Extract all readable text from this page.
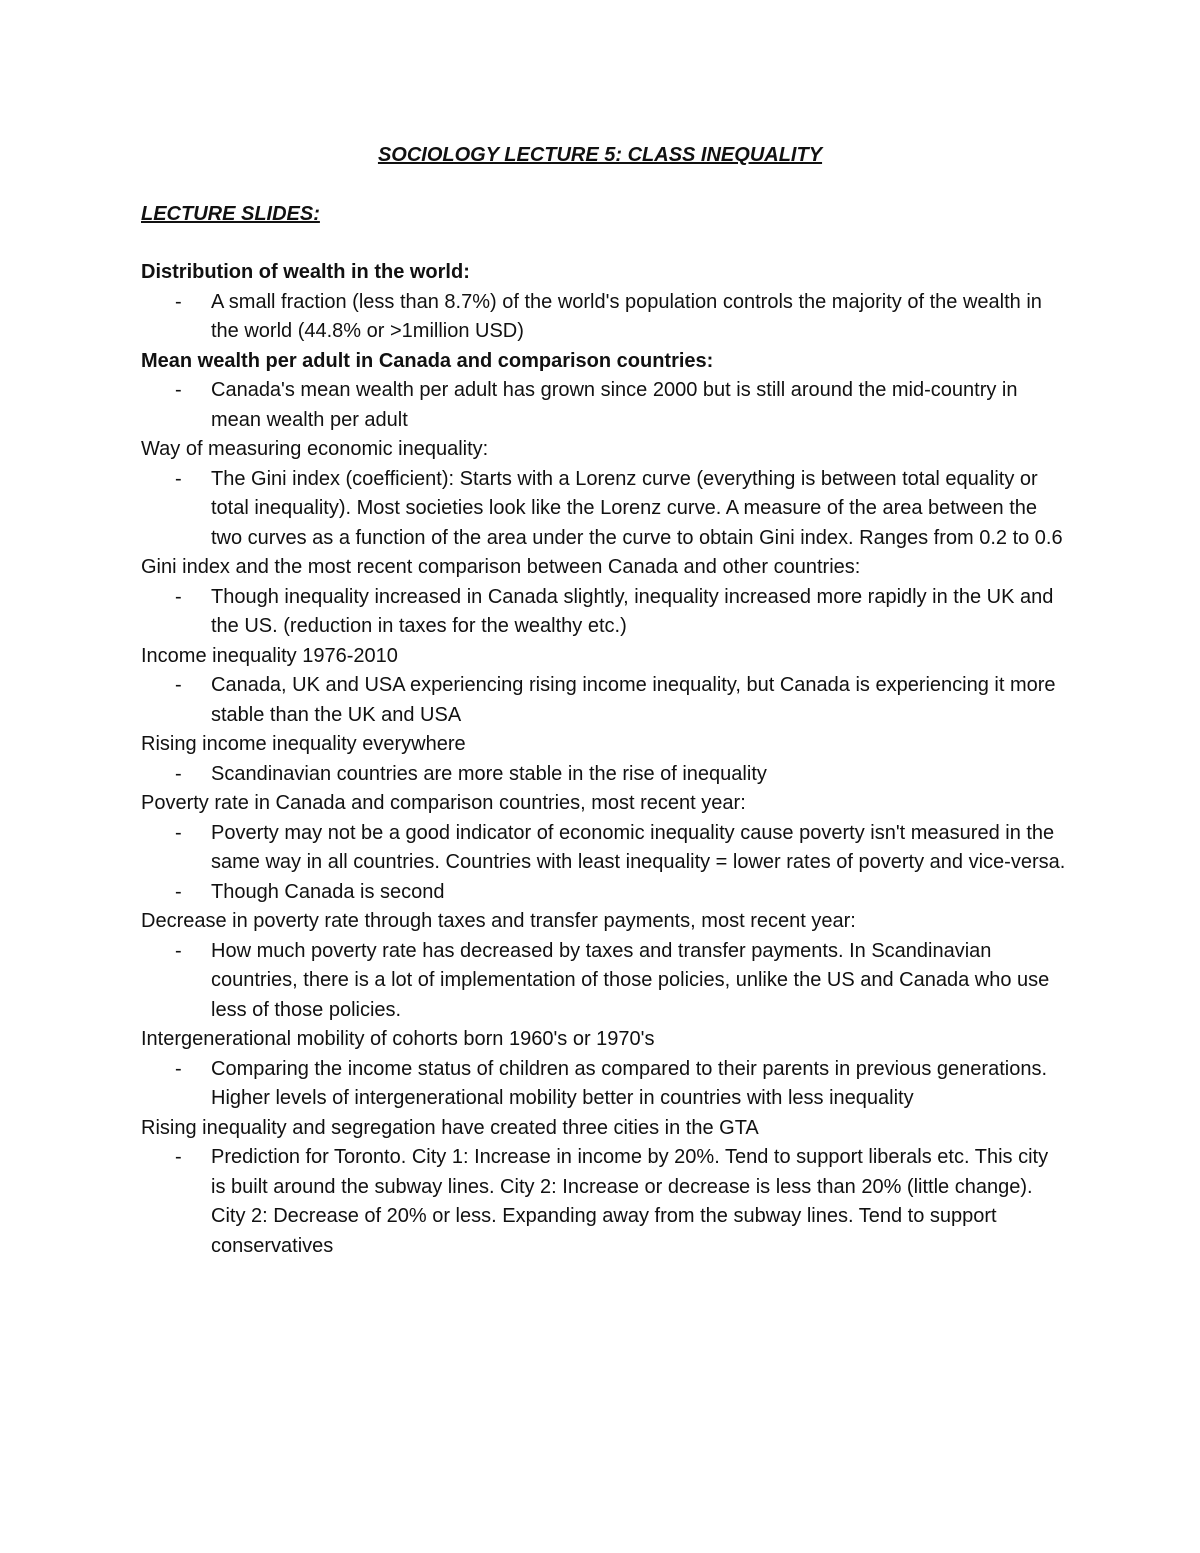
SOCIOLOGY LECTURE 5: CLASS INEQUALITY
LECTURE SLIDES:
Distribution of wealth in the world:
- A small fraction (less than 8.7%) of the world's population controls the majority of the wealth in the world (44.8% or >1million USD)
Mean wealth per adult in Canada and comparison countries:
- Canada's mean wealth per adult has grown since 2000 but is still around the mid-country in mean wealth per adult
Way of measuring economic inequality:
- The Gini index (coefficient): Starts with a Lorenz curve (everything is between total equality or total inequality). Most societies look like the Lorenz curve. A measure of the area between the two curves as a function of the area under the curve to obtain Gini index. Ranges from 0.2 to 0.6
Gini index and the most recent comparison between Canada and other countries:
- Though inequality increased in Canada slightly, inequality increased more rapidly in the UK and the US. (reduction in taxes for the wealthy etc.)
Income inequality 1976-2010
- Canada, UK and USA experiencing rising income inequality, but Canada is experiencing it more stable than the UK and USA
Rising income inequality everywhere
- Scandinavian countries are more stable in the rise of inequality
Poverty rate in Canada and comparison countries, most recent year:
- Poverty may not be a good indicator of economic inequality cause poverty isn't measured in the same way in all countries. Countries with least inequality = lower rates of poverty and vice-versa.
- Though Canada is second
Decrease in poverty rate through taxes and transfer payments, most recent year:
- How much poverty rate has decreased by taxes and transfer payments. In Scandinavian countries, there is a lot of implementation of those policies, unlike the US and Canada who use less of those policies.
Intergenerational mobility of cohorts born 1960's or 1970's
- Comparing the income status of children as compared to their parents in previous generations. Higher levels of intergenerational mobility better in countries with less inequality
Rising inequality and segregation have created three cities in the GTA
- Prediction for Toronto. City 1: Increase in income by 20%. Tend to support liberals etc. This city is built around the subway lines. City 2: Increase or decrease is less than 20% (little change). City 2: Decrease of 20% or less. Expanding away from the subway lines. Tend to support conservatives
